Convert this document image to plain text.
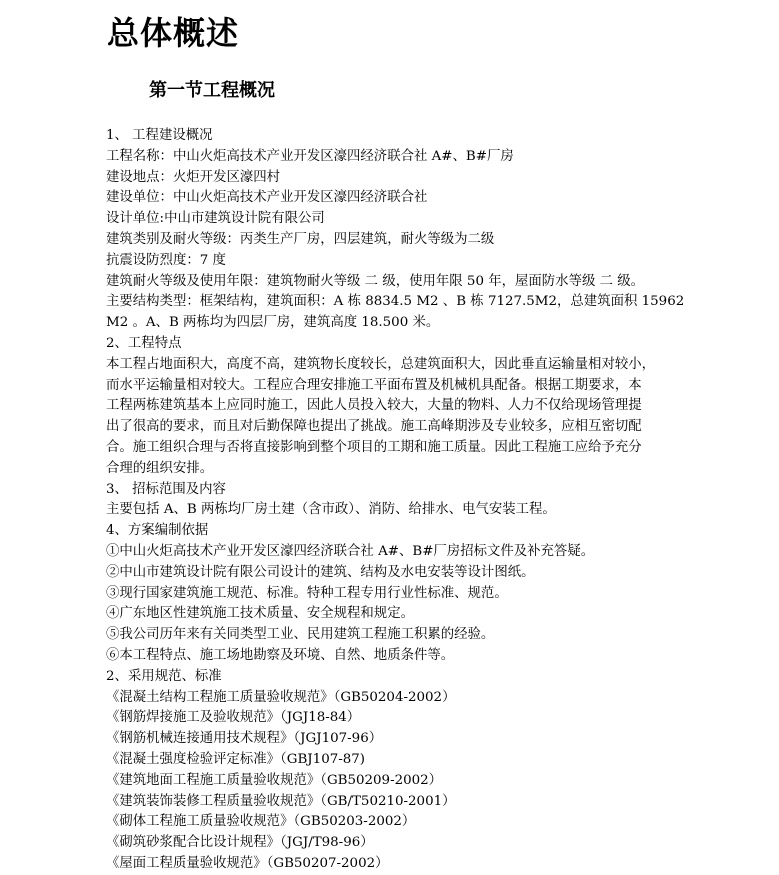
总体概述
第一节工程概况
1、 工程建设概况
工程名称：中山火炬高技术产业开发区濠四经济联合社 A#、B#厂房
建设地点：火炬开发区濠四村
建设单位：中山火炬高技术产业开发区濠四经济联合社
设计单位:中山市建筑设计院有限公司
建筑类别及耐火等级：丙类生产厂房，四层建筑，耐火等级为二级
抗震设防烈度：7 度
建筑耐火等级及使用年限：建筑物耐火等级 二 级，使用年限 50 年，屋面防水等级 二 级。
主要结构类型：框架结构，建筑面积：A 栋 8834.5 M2 、B 栋 7127.5M2，总建筑面积 15962
M2 。A、B 两栋均为四层厂房，建筑高度 18.500 米。
2、工程特点
本工程占地面积大，高度不高，建筑物长度较长，总建筑面积大，因此垂直运输量相对较小，
而水平运输量相对较大。工程应合理安排施工平面布置及机械机具配备。根据工期要求，本
工程两栋建筑基本上应同时施工，因此人员投入较大，大量的物料、人力不仅给现场管理提
出了很高的要求，而且对后勤保障也提出了挑战。施工高峰期涉及专业较多，应相互密切配
合。施工组织合理与否将直接影响到整个项目的工期和施工质量。因此工程施工应给予充分
合理的组织安排。
3、 招标范围及内容
主要包括 A、B 两栋均厂房土建（含市政）、消防、给排水、电气安装工程。
4、方案编制依据
①中山火炬高技术产业开发区濠四经济联合社 A#、B#厂房招标文件及补充答疑。
②中山市建筑设计院有限公司设计的建筑、结构及水电安装等设计图纸。
③现行国家建筑施工规范、标准。特种工程专用行业性标准、规范。
④广东地区性建筑施工技术质量、安全规程和规定。
⑤我公司历年来有关同类型工业、民用建筑工程施工积累的经验。
⑥本工程特点、施工场地勘察及环境、自然、地质条件等。
2、采用规范、标准
《混凝土结构工程施工质量验收规范》（GB50204-2002）
《钢筋焊接施工及验收规范》（JGJ18-84）
《钢筋机械连接通用技术规程》（JGJ107-96）
《混凝土强度检验评定标准》（GBJ107-87)
《建筑地面工程施工质量验收规范》（GB50209-2002）
《建筑装饰装修工程质量验收规范》（GB/T50210-2001）
《砌体工程施工质量验收规范》（GB50203-2002）
《砌筑砂浆配合比设计规程》（JGJ/T98-96）
《屋面工程质量验收规范》（GB50207-2002）
